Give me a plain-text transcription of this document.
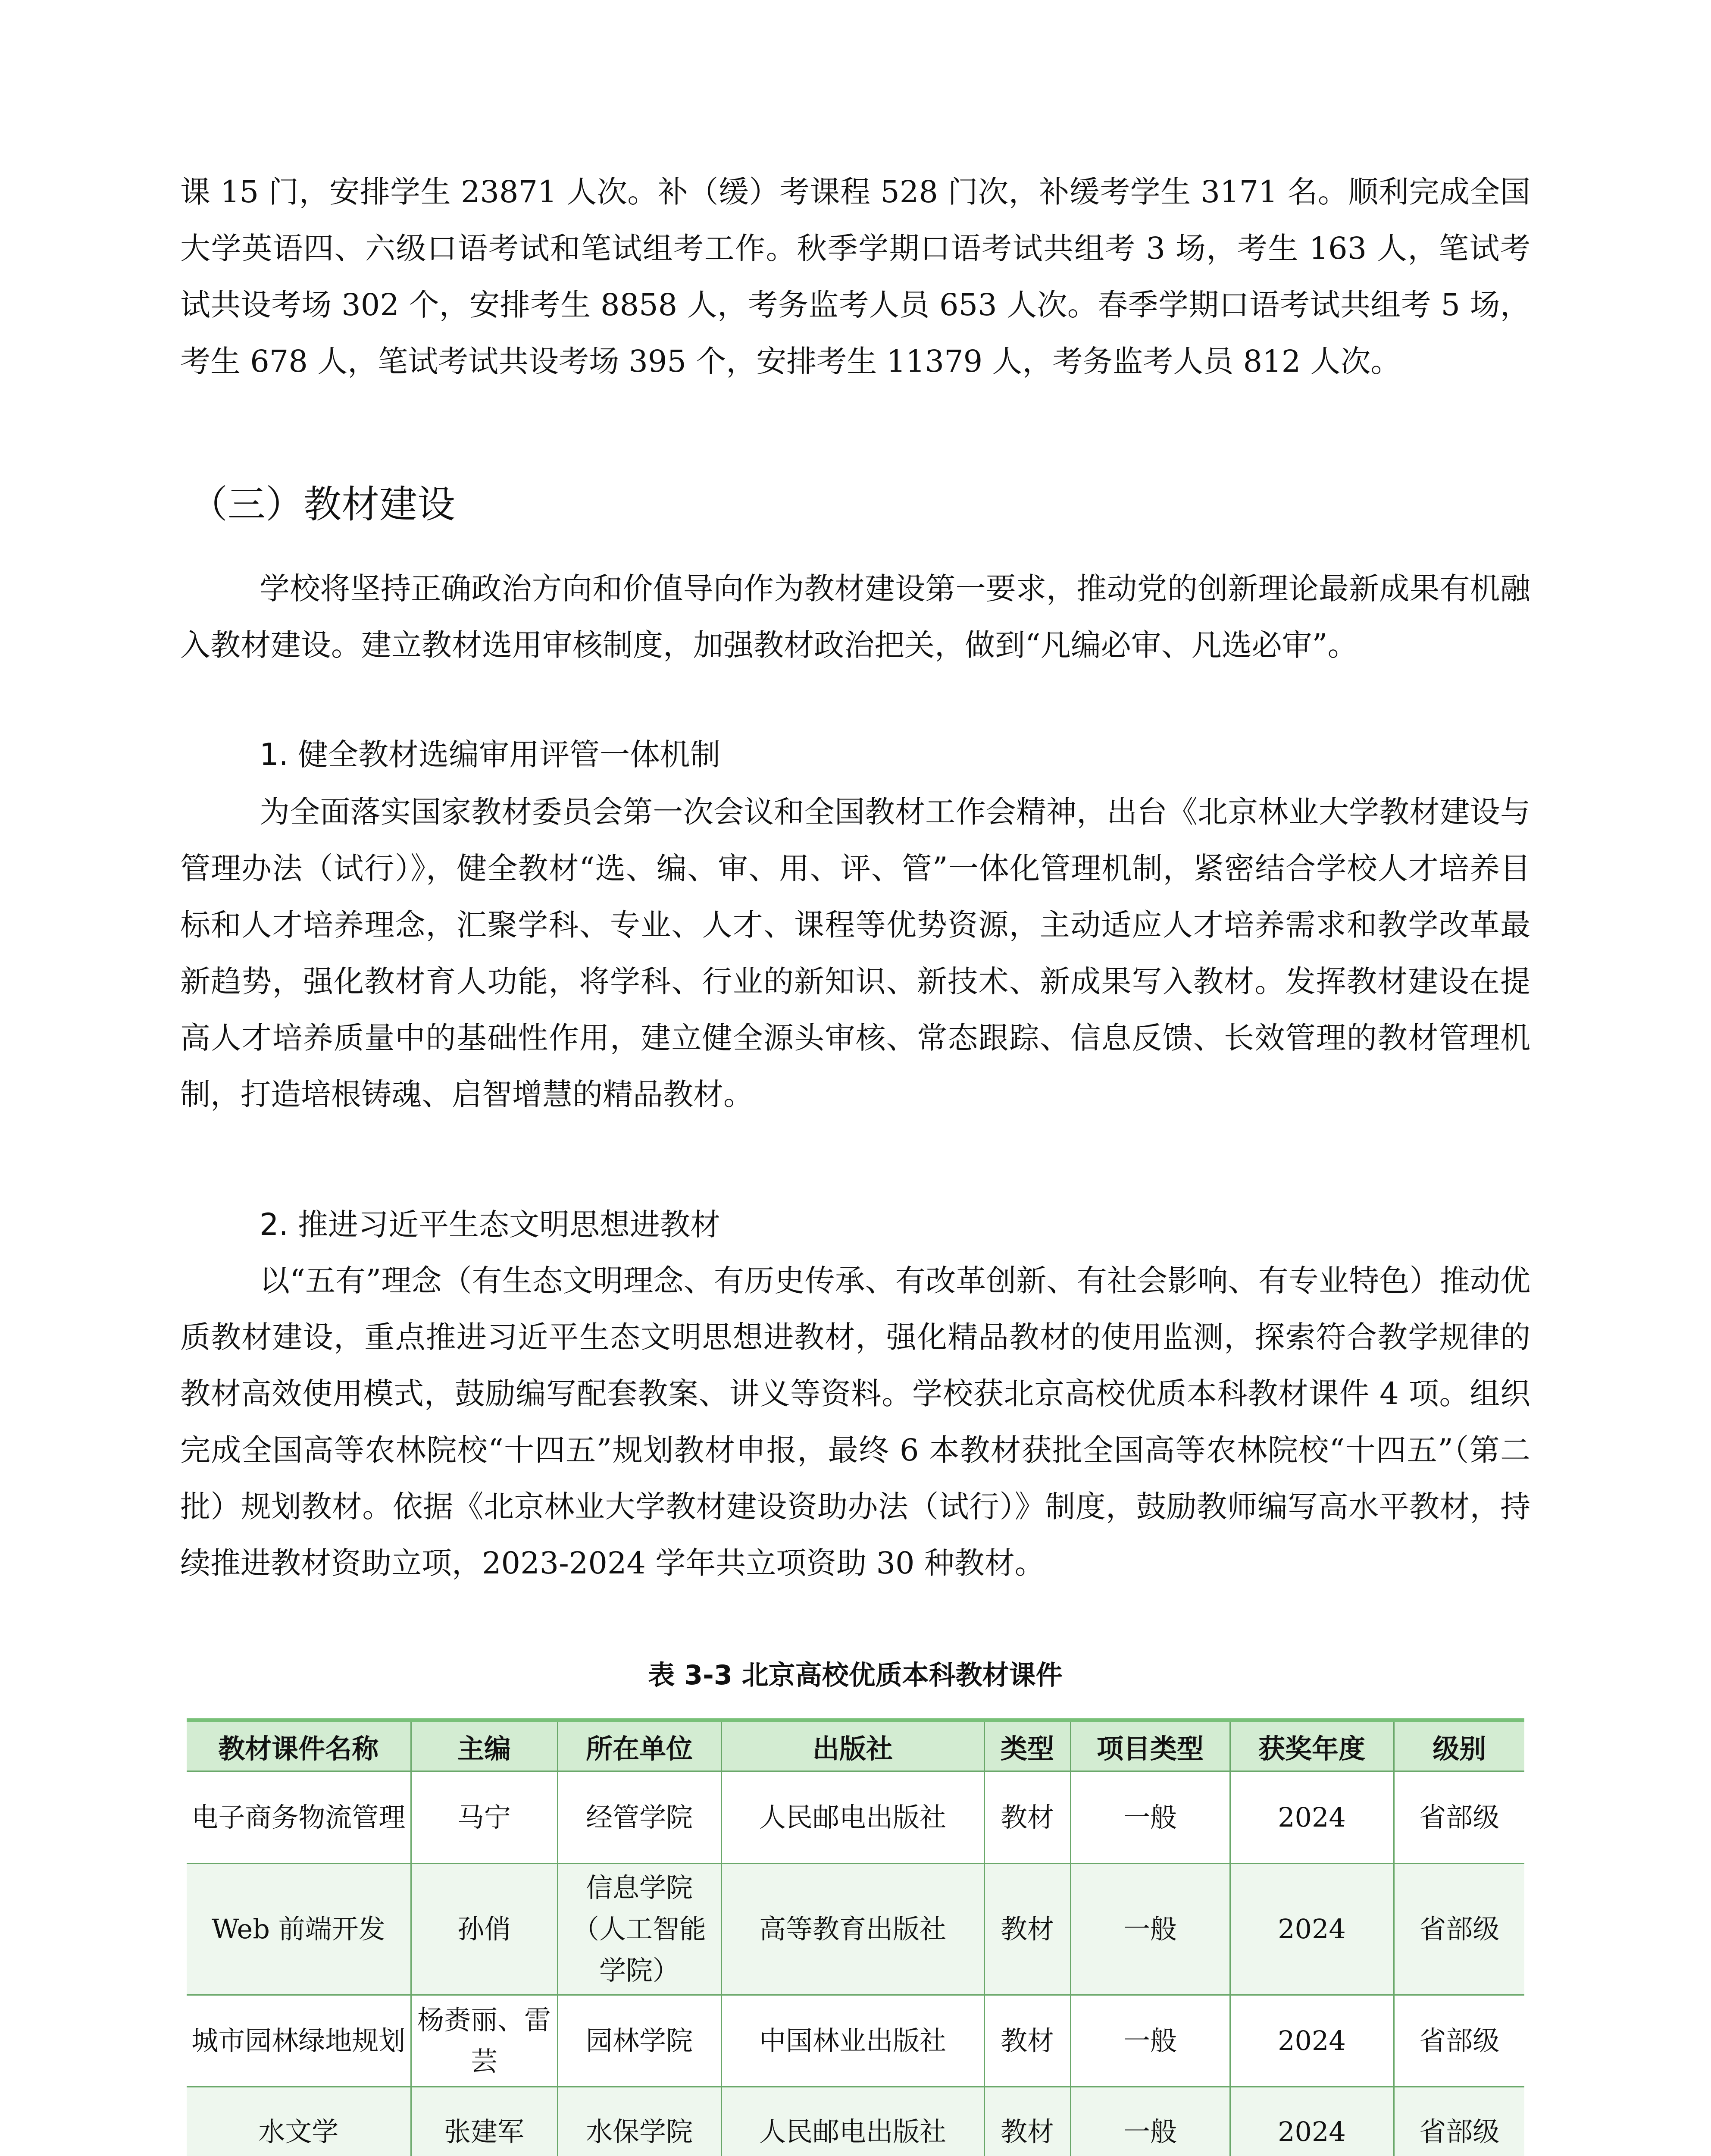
课 15 门，安排学生 23871 人次。补（缓）考课程 528 门次，补缓考学生 3171 名。顺利完成全国大学英语四、六级口语考试和笔试组考工作。秋季学期口语考试共组考 3 场，考生 163 人，笔试考试共设考场 302 个，安排考生 8858 人，考务监考人员 653 人次。春季学期口语考试共组考 5 场，考生 678 人，笔试考试共设考场 395 个，安排考生 11379 人，考务监考人员 812 人次。

（三）教材建设

学校将坚持正确政治方向和价值导向作为教材建设第一要求，推动党的创新理论最新成果有机融入教材建设。建立教材选用审核制度，加强教材政治把关，做到“凡编必审、凡选必审”。

1. 健全教材选编审用评管一体机制

为全面落实国家教材委员会第一次会议和全国教材工作会精神，出台《北京林业大学教材建设与管理办法（试行）》，健全教材“选、编、审、用、评、管”一体化管理机制，紧密结合学校人才培养目标和人才培养理念，汇聚学科、专业、人才、课程等优势资源，主动适应人才培养需求和教学改革最新趋势，强化教材育人功能，将学科、行业的新知识、新技术、新成果写入教材。发挥教材建设在提高人才培养质量中的基础性作用，建立健全源头审核、常态跟踪、信息反馈、长效管理的教材管理机制，打造培根铸魂、启智增慧的精品教材。

2. 推进习近平生态文明思想进教材

以“五有”理念（有生态文明理念、有历史传承、有改革创新、有社会影响、有专业特色）推动优质教材建设，重点推进习近平生态文明思想进教材，强化精品教材的使用监测，探索符合教学规律的教材高效使用模式，鼓励编写配套教案、讲义等资料。学校获北京高校优质本科教材课件 4 项。组织完成全国高等农林院校“十四五”规划教材申报，最终 6 本教材获批全国高等农林院校“十四五”（第二批）规划教材。依据《北京林业大学教材建设资助办法（试行）》制度，鼓励教师编写高水平教材，持续推进教材资助立项，2023-2024 学年共立项资助 30 种教材。

表 3-3 北京高校优质本科教材课件

教材课件名称	主编	所在单位	出版社	类型	项目类型	获奖年度	级别
电子商务物流管理	马宁	经管学院	人民邮电出版社	教材	一般	2024	省部级
Web 前端开发	孙俏	信息学院（人工智能学院）	高等教育出版社	教材	一般	2024	省部级
城市园林绿地规划	杨赉丽、雷芸	园林学院	中国林业出版社	教材	一般	2024	省部级
水文学	张建军	水保学院	人民邮电出版社	教材	一般	2024	省部级
